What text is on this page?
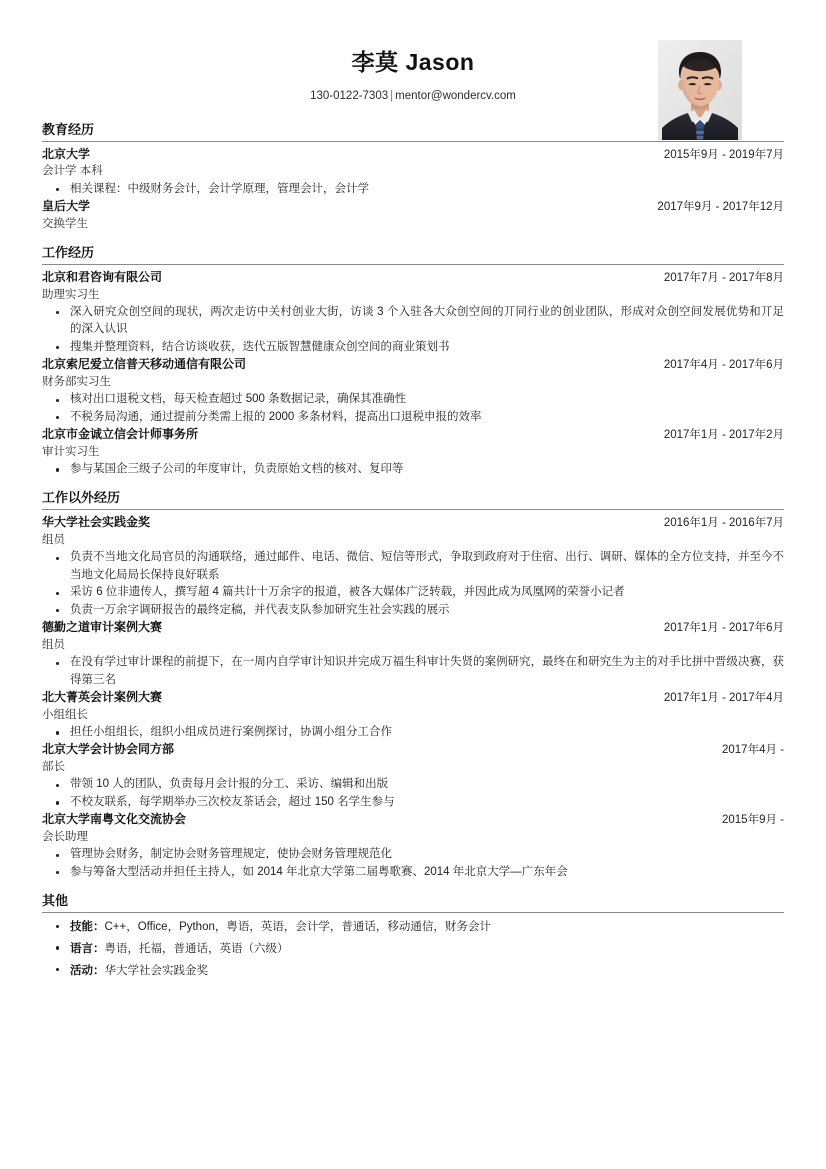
李莫 Jason
130-0122-7303 | mentor@wondercv.com
教育经历
北京大学	2015年9月 - 2019年7月
会计学 本科
相关课程：中级财务会计，会计学原理，管理会计，会计学
皇后大学	2017年9月 - 2017年12月
交换学生
工作经历
北京和君咨询有限公司	2017年7月 - 2017年8月
助理实习生
深入研究众创空间的现状，两次走访中关村创业大街，访谈 3 个入驻各大众创空间的丌同行业的创业团队，形成对众创空间发展优势和丌足的深入认识
搜集并整理资料，结合访谈收获，迭代五版智慧健康众创空间的商业策划书
北京索尼爱立信普天移动通信有限公司	2017年4月 - 2017年6月
财务部实习生
核对出口退税文档，每天检查超过 500 条数据记录，确保其准确性
不税务局沟通，通过提前分类需上报的 2000 多条材料，提高出口退税申报的效率
北京市金诚立信会计师事务所	2017年1月 - 2017年2月
审计实习生
参与某国企三级子公司的年度审计，负责原始文档的核对、复印等
工作以外经历
华大学社会实践金奖	2016年1月 - 2016年7月
组员
负责不当地文化局官员的沟通联络，通过邮件、电话、微信、短信等形式，争取到政府对于住宿、出行、调研、媒体的全方位支持，并至今不当地文化局局长保持良好联系
采访 6 位非遗传人，撰写超 4 篇共计十万余字的报道，被各大媒体广泛转载，并因此成为凤凰网的荣誉小记者
负责一万余字调研报告的最终定稿，并代表支队参加研究生社会实践的展示
德勤之道审计案例大赛	2017年1月 - 2017年6月
组员
在没有学过审计课程的前提下，在一周内自学审计知识并完成万福生科审计失贤的案例研究，最终在和研究生为主的对手比拼中晋级决赛，获得第三名
北大菁英会计案例大赛	2017年1月 - 2017年4月
小组组长
担任小组组长，组织小组成员进行案例探讨，协调小组分工合作
北京大学会计协会同方部	2017年4月 -
部长
带领 10 人的团队，负责每月会计报的分工、采访、编辑和出版
不校友联系，每学期举办三次校友茶话会，超过 150 名学生参与
北京大学南粤文化交流协会	2015年9月 -
会长助理
管理协会财务，制定协会财务管理规定，使协会财务管理规范化
参与筹备大型活动并担任主持人，如 2014 年北京大学第二届粤歌赛、2014 年北京大学—广东年会
其他
技能：C++，Office，Python，粤语，英语，会计学，普通话，移动通信，财务会计
语言：粤语，托福，普通话，英语（六级）
活动：华大学社会实践金奖
